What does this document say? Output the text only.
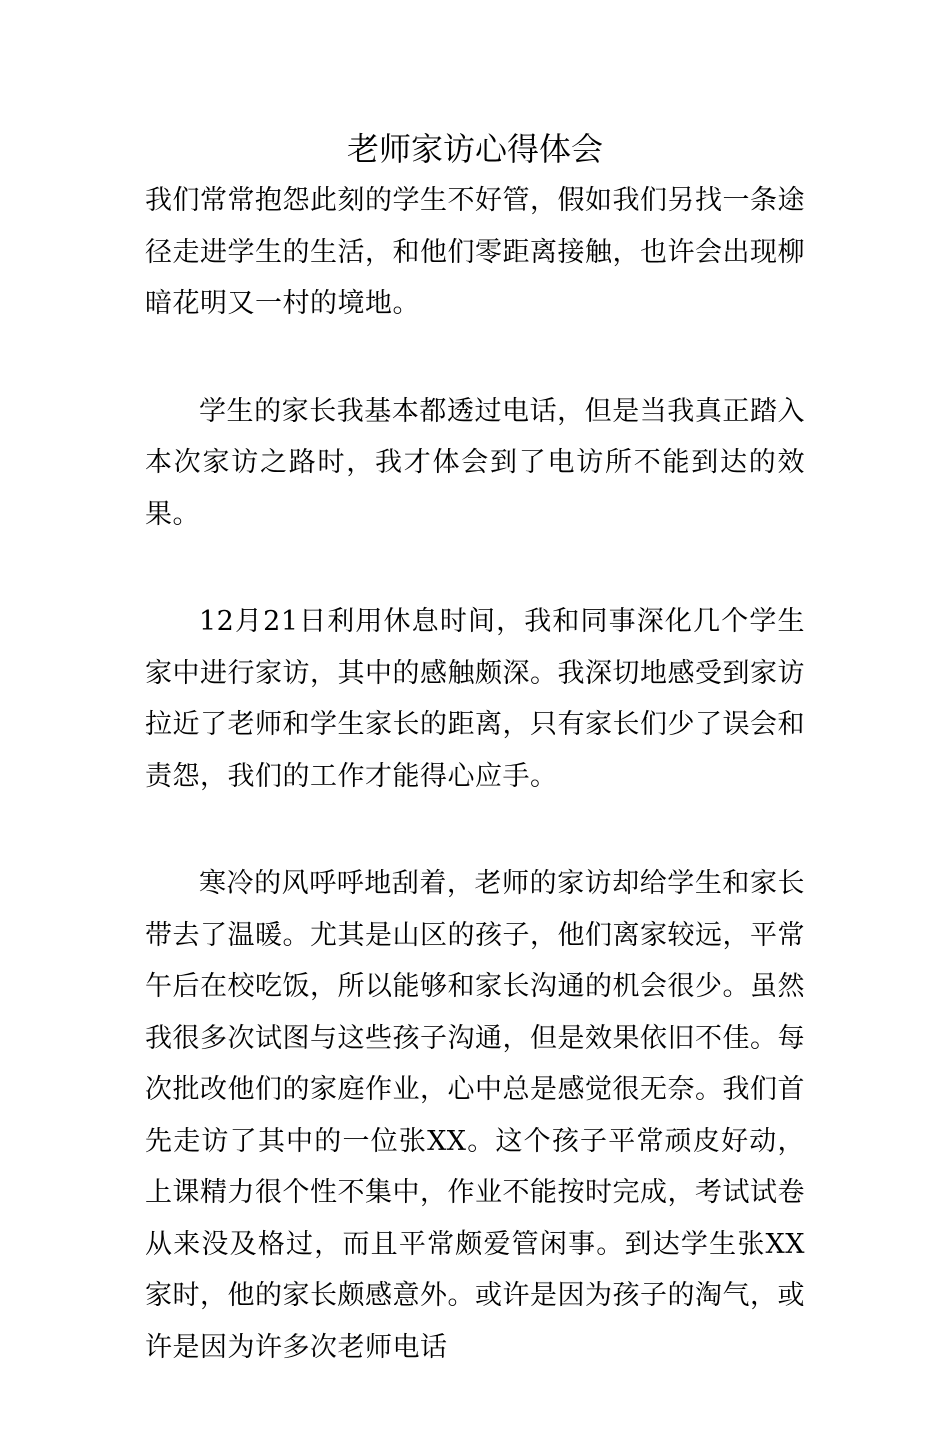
老师家访心得体会

我们常常抱怨此刻的学生不好管，假如我们另找一条途径走进学生的生活，和他们零距离接触，也许会出现柳暗花明又一村的境地。

学生的家长我基本都透过电话，但是当我真正踏入本次家访之路时，我才体会到了电访所不能到达的效果。

12月21日利用休息时间，我和同事深化几个学生家中进行家访，其中的感触颇深。我深切地感受到家访拉近了老师和学生家长的距离，只有家长们少了误会和责怨，我们的工作才能得心应手。

寒冷的风呼呼地刮着，老师的家访却给学生和家长带去了温暖。尤其是山区的孩子，他们离家较远，平常午后在校吃饭，所以能够和家长沟通的机会很少。虽然我很多次试图与这些孩子沟通，但是效果依旧不佳。每次批改他们的家庭作业，心中总是感觉很无奈。我们首先走访了其中的一位张XX。这个孩子平常顽皮好动，上课精力很个性不集中，作业不能按时完成，考试试卷从来没及格过，而且平常颇爱管闲事。到达学生张XX家时，他的家长颇感意外。或许是因为孩子的淘气，或许是因为许多次老师电话
